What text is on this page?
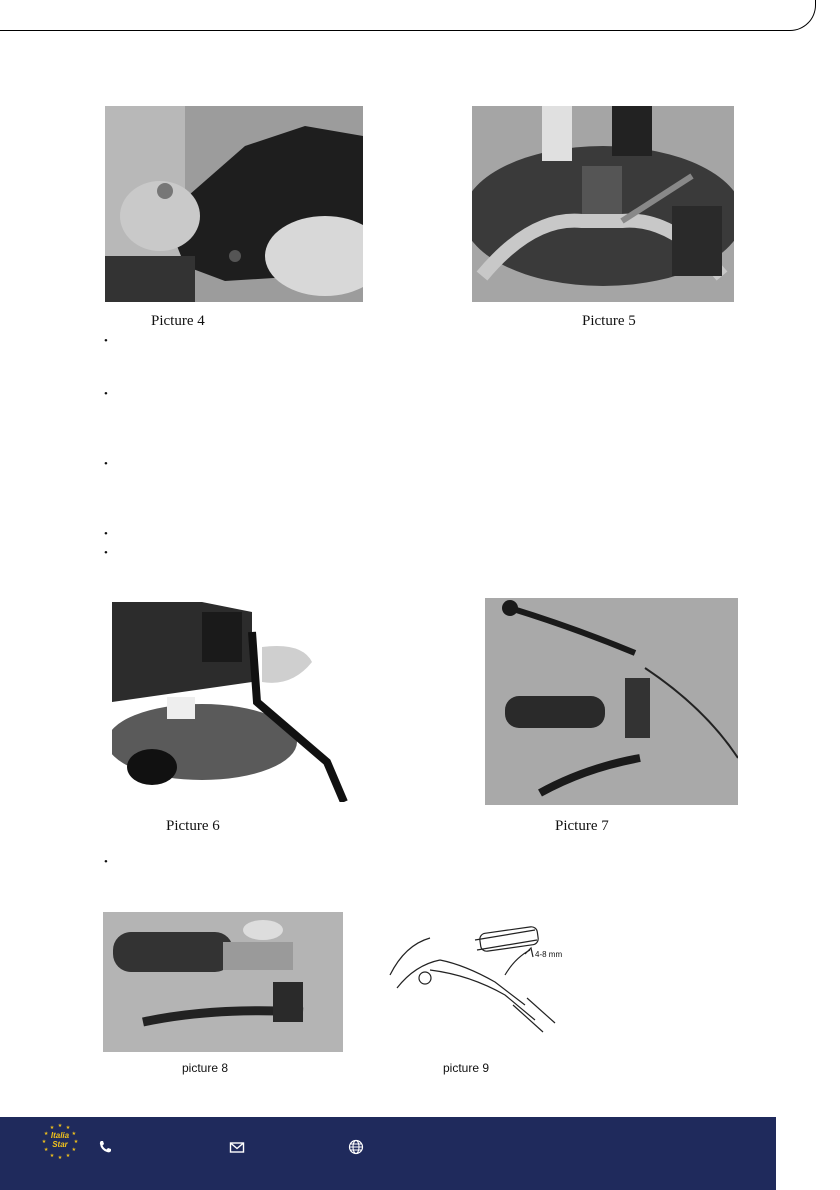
Picture 4	Picture 5
•
•
•
•
•
Picture 6	Picture 7
•
picture 8
4-8 mm
picture 9
★ ★
★
★
★
★
★
★
★
★
★
★
Italia
Star
